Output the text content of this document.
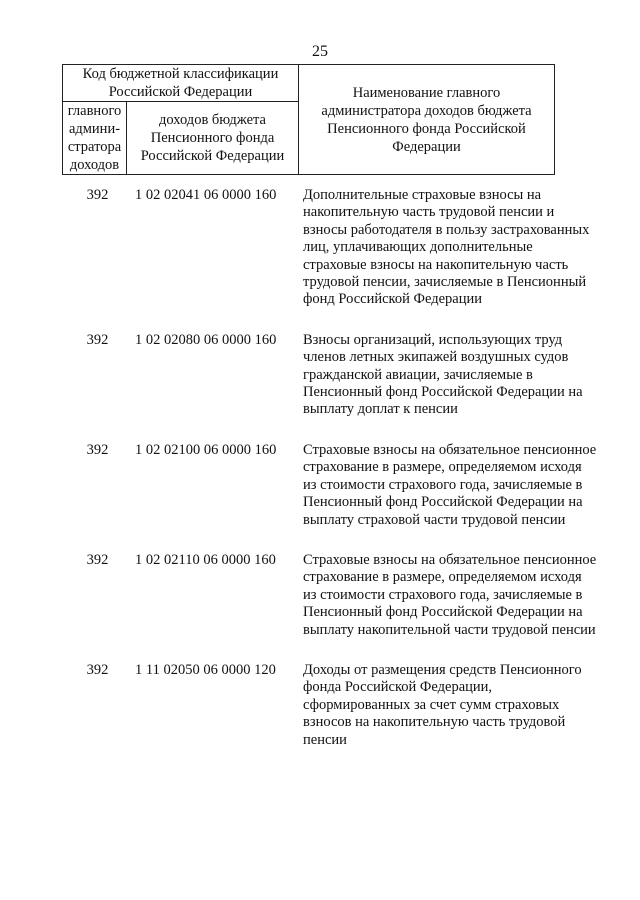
25
Код бюджетной классификации Российской Федерации		Наименование главного администратора доходов бюджета Пенсионного фонда Российской Федерации
главного админи-стратора доходов	доходов бюджета Пенсионного фонда Российской Федерации	
392	1 02 02041 06 0000 160	Дополнительные страховые взносы на накопительную часть трудовой пенсии и взносы работодателя в пользу застрахованных лиц, уплачивающих дополнительные страховые взносы на накопительную часть трудовой пенсии, зачисляемые в Пенсионный фонд Российской Федерации
392	1 02 02080 06 0000 160	Взносы организаций, использующих труд членов летных экипажей воздушных судов гражданской авиации, зачисляемые в Пенсионный фонд Российской Федерации на выплату доплат к пенсии
392	1 02 02100 06 0000 160	Страховые взносы на обязательное пенсионное страхование в размере, определяемом исходя из стоимости страхового года, зачисляемые в Пенсионный фонд Российской Федерации на выплату страховой части трудовой пенсии
392	1 02 02110 06 0000 160	Страховые взносы на обязательное пенсионное страхование в размере, определяемом исходя из стоимости страхового года, зачисляемые в Пенсионный фонд Российской Федерации на выплату накопительной части трудовой пенсии
392	1 11 02050 06 0000 120	Доходы от размещения средств Пенсионного фонда Российской Федерации, сформированных за счет сумм страховых взносов на накопительную часть трудовой пенсии
